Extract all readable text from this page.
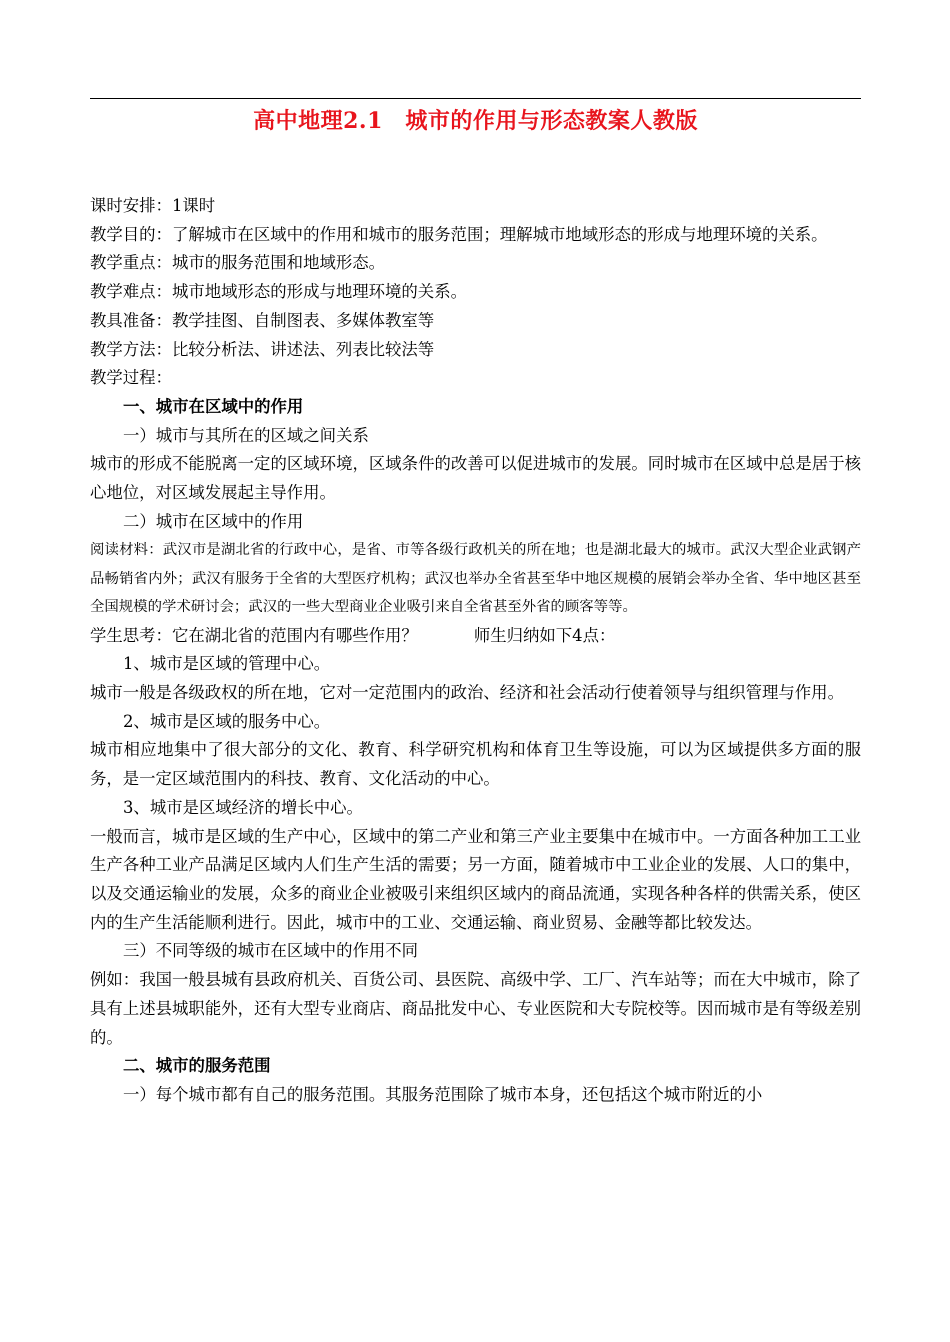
高中地理2.1　城市的作用与形态教案人教版

课时安排：1课时

教学目的：了解城市在区域中的作用和城市的服务范围；理解城市地域形态的形成与地理环境的关系。

教学重点：城市的服务范围和地域形态。

教学难点：城市地域形态的形成与地理环境的关系。

教具准备：教学挂图、自制图表、多媒体教室等

教学方法：比较分析法、讲述法、列表比较法等

教学过程：

一、城市在区域中的作用

一）城市与其所在的区域之间关系

城市的形成不能脱离一定的区域环境，区域条件的改善可以促进城市的发展。同时城市在区域中总是居于核心地位，对区域发展起主导作用。

二）城市在区域中的作用

阅读材料：武汉市是湖北省的行政中心，是省、市等各级行政机关的所在地；也是湖北最大的城市。武汉大型企业武钢产品畅销省内外；武汉有服务于全省的大型医疗机构；武汉也举办全省甚至华中地区规模的展销会举办全省、华中地区甚至全国规模的学术研讨会；武汉的一些大型商业企业吸引来自全省甚至外省的顾客等等。

学生思考：它在湖北省的范围内有哪些作用？	师生归纳如下4点：

1、城市是区域的管理中心。

城市一般是各级政权的所在地，它对一定范围内的政治、经济和社会活动行使着领导与组织管理与作用。

2、城市是区域的服务中心。

城市相应地集中了很大部分的文化、教育、科学研究机构和体育卫生等设施，可以为区域提供多方面的服务，是一定区域范围内的科技、教育、文化活动的中心。

3、城市是区域经济的增长中心。

一般而言，城市是区域的生产中心，区域中的第二产业和第三产业主要集中在城市中。一方面各种加工工业生产各种工业产品满足区域内人们生产生活的需要；另一方面，随着城市中工业企业的发展、人口的集中，以及交通运输业的发展，众多的商业企业被吸引来组织区域内的商品流通，实现各种各样的供需关系，使区内的生产生活能顺利进行。因此，城市中的工业、交通运输、商业贸易、金融等都比较发达。

三）不同等级的城市在区域中的作用不同

例如：我国一般县城有县政府机关、百货公司、县医院、高级中学、工厂、汽车站等；而在大中城市，除了具有上述县城职能外，还有大型专业商店、商品批发中心、专业医院和大专院校等。因而城市是有等级差别的。

二、城市的服务范围

一）每个城市都有自己的服务范围。其服务范围除了城市本身，还包括这个城市附近的小
